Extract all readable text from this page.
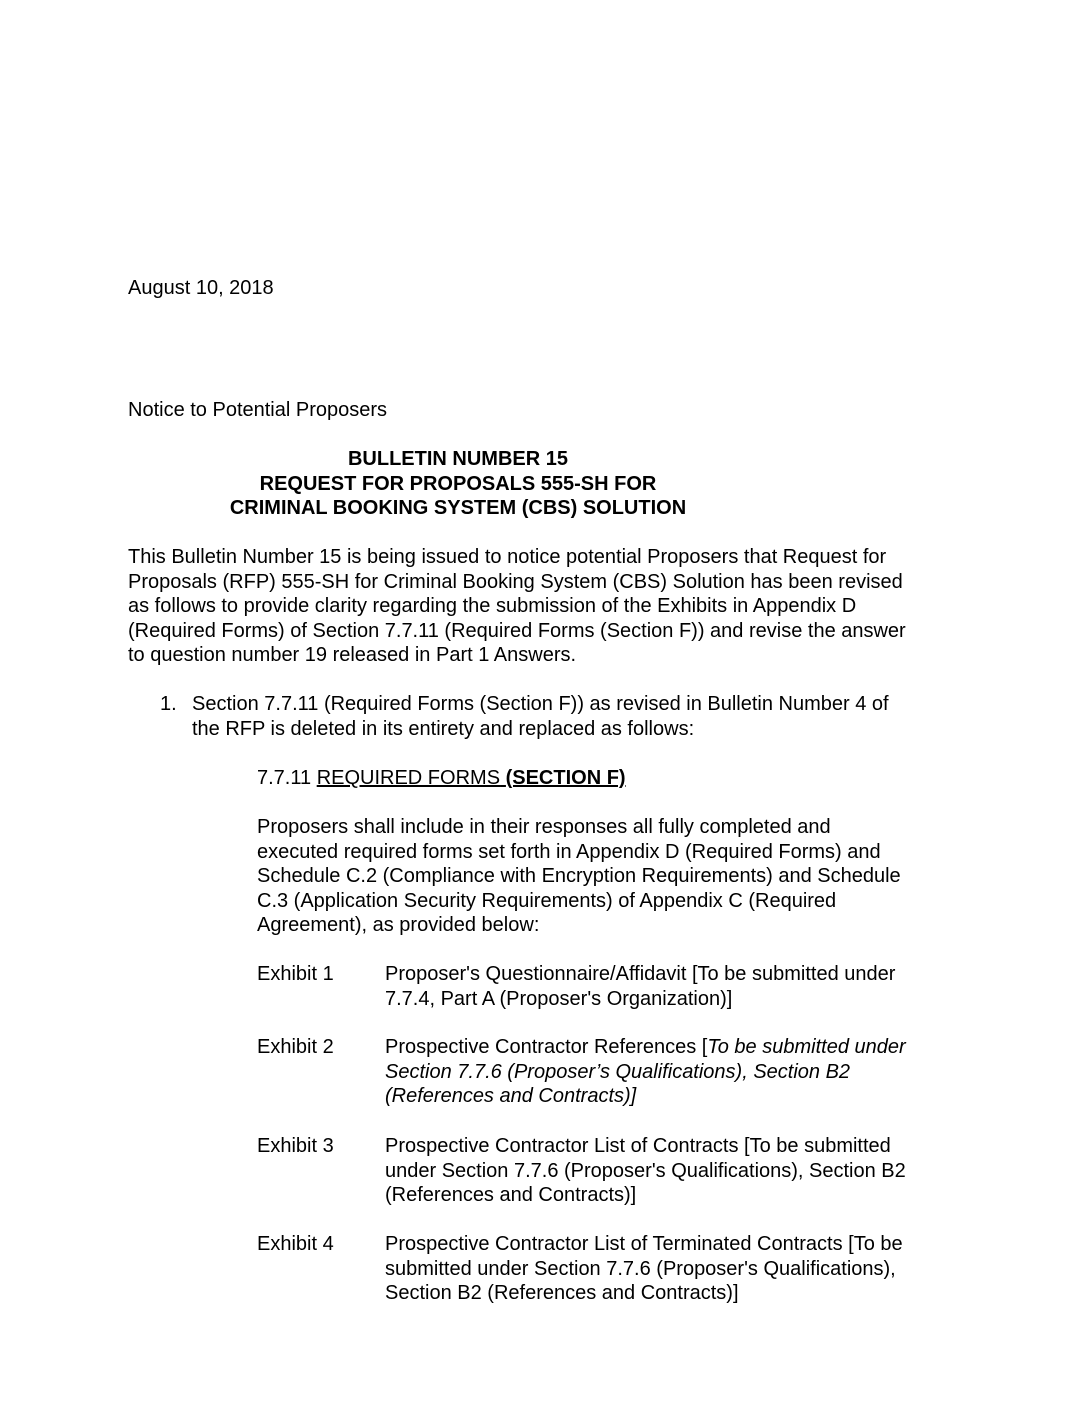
August 10, 2018
Notice to Potential Proposers
BULLETIN NUMBER 15
REQUEST FOR PROPOSALS 555-SH FOR
CRIMINAL BOOKING SYSTEM (CBS) SOLUTION
This Bulletin Number 15 is being issued to notice potential Proposers that Request for
Proposals (RFP) 555-SH for Criminal Booking System (CBS) Solution has been revised
as follows to provide clarity regarding the submission of the Exhibits in Appendix D
(Required Forms) of Section 7.7.11 (Required Forms (Section F)) and revise the answer
to question number 19 released in Part 1 Answers.
1. Section 7.7.11 (Required Forms (Section F)) as revised in Bulletin Number 4 of
the RFP is deleted in its entirety and replaced as follows:
7.7.11 REQUIRED FORMS (SECTION F)
Proposers shall include in their responses all fully completed and
executed required forms set forth in Appendix D (Required Forms) and
Schedule C.2 (Compliance with Encryption Requirements) and Schedule
C.3 (Application Security Requirements) of Appendix C (Required
Agreement), as provided below:
Exhibit 1	Proposer's Questionnaire/Affidavit [To be submitted under
7.7.4, Part A (Proposer's Organization)]
Exhibit 2	Prospective Contractor References [To be submitted under
Section 7.7.6 (Proposer’s Qualifications), Section B2
(References and Contracts)]
Exhibit 3	Prospective Contractor List of Contracts [To be submitted
under Section 7.7.6 (Proposer's Qualifications), Section B2
(References and Contracts)]
Exhibit 4	Prospective Contractor List of Terminated Contracts [To be
submitted under Section 7.7.6 (Proposer's Qualifications),
Section B2 (References and Contracts)]
